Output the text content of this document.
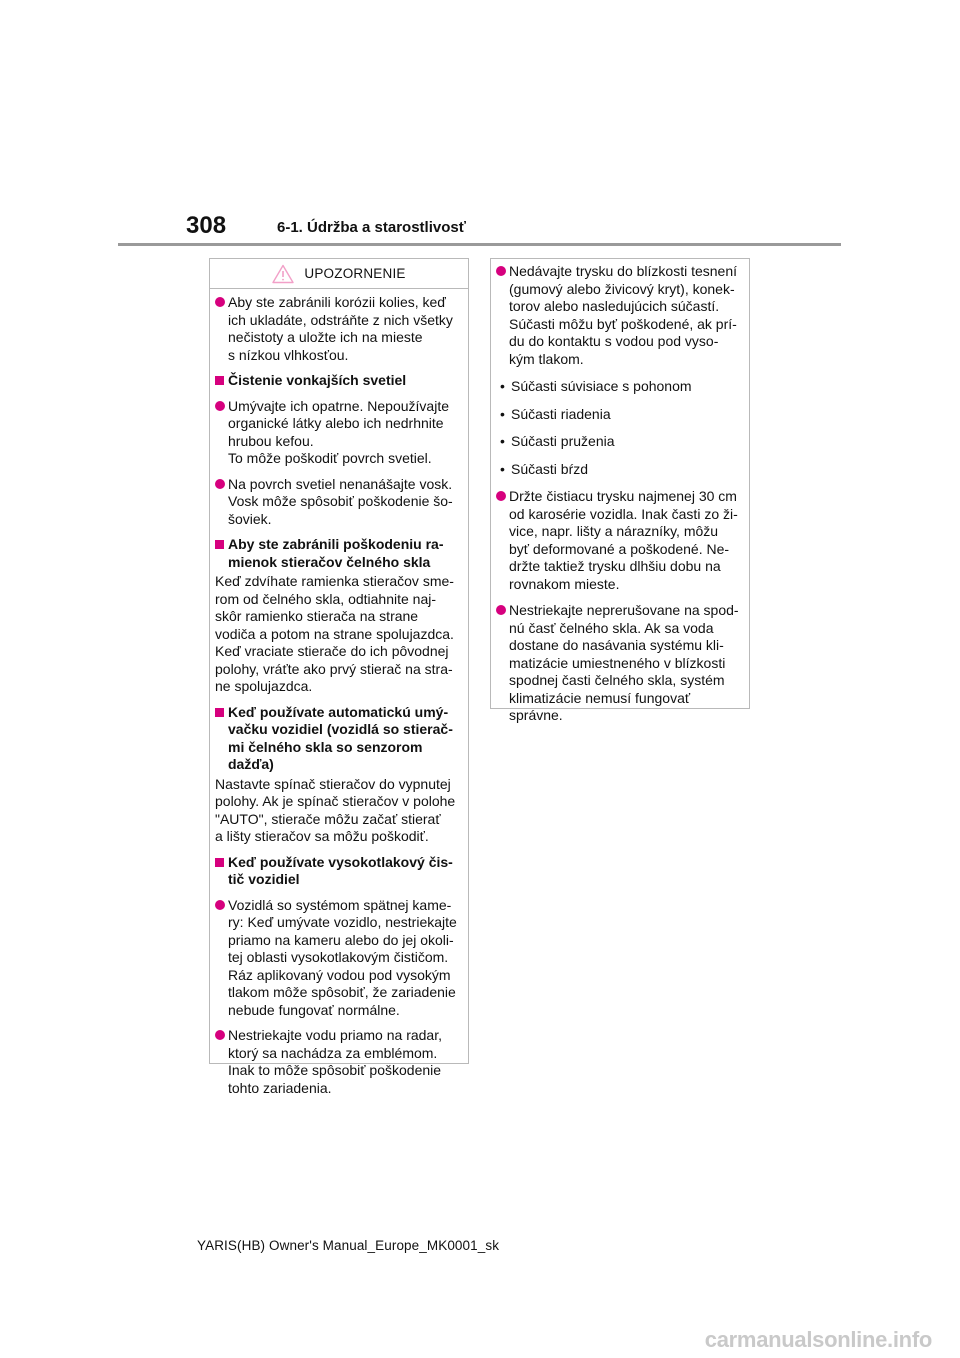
308	6-1. Údržba a starostlivosť
UPOZORNENIE
Aby ste zabránili korózii kolies, keď
ich ukladáte, odstráňte z nich všetky
nečistoty a uložte ich na mieste
s nízkou vlhkosťou.
Čistenie vonkajších svetiel
Umývajte ich opatrne. Nepoužívajte
organické látky alebo ich nedrhnite
hrubou kefou.
To môže poškodiť povrch svetiel.
Na povrch svetiel nenanášajte vosk.
Vosk môže spôsobiť poškodenie šo-
šoviek.
Aby ste zabránili poškodeniu ra-
mienok stieračov čelného skla
Keď zdvíhate ramienka stieračov sme-
rom od čelného skla, odtiahnite naj-
skôr ramienko stierača na strane
vodiča a potom na strane spolujazdca.
Keď vraciate stierače do ich pôvodnej
polohy, vráťte ako prvý stierač na stra-
ne spolujazdca.
Keď používate automatickú umý-
vačku vozidiel (vozidlá so stierač-
mi čelného skla so senzorom
dažďa)
Nastavte spínač stieračov do vypnutej
polohy. Ak je spínač stieračov v polohe
"AUTO", stierače môžu začať stierať
a lišty stieračov sa môžu poškodiť.
Keď používate vysokotlakový čis-
tič vozidiel
Vozidlá so systémom spätnej kame-
ry: Keď umývate vozidlo, nestriekajte
priamo na kameru alebo do jej okoli-
tej oblasti vysokotlakovým čističom.
Ráz aplikovaný vodou pod vysokým
tlakom môže spôsobiť, že zariadenie
nebude fungovať normálne.
Nestriekajte vodu priamo na radar,
ktorý sa nachádza za emblémom.
Inak to môže spôsobiť poškodenie
tohto zariadenia.
Nedávajte trysku do blízkosti tesnení
(gumový alebo živicový kryt), konek-
torov alebo nasledujúcich súčastí.
Súčasti môžu byť poškodené, ak prí-
du do kontaktu s vodou pod vyso-
kým tlakom.
• Súčasti súvisiace s pohonom
• Súčasti riadenia
• Súčasti pruženia
• Súčasti bŕzd
Držte čistiacu trysku najmenej 30 cm
od karosérie vozidla. Inak časti zo ži-
vice, napr. lišty a nárazníky, môžu
byť deformované a poškodené. Ne-
držte taktiež trysku dlhšiu dobu na
rovnakom mieste.
Nestriekajte neprerušovane na spod-
nú časť čelného skla. Ak sa voda
dostane do nasávania systému kli-
matizácie umiestneného v blízkosti
spodnej časti čelného skla, systém
klimatizácie nemusí fungovať
správne.
YARIS(HB) Owner's Manual_Europe_MK0001_sk
carmanualsonline.info
